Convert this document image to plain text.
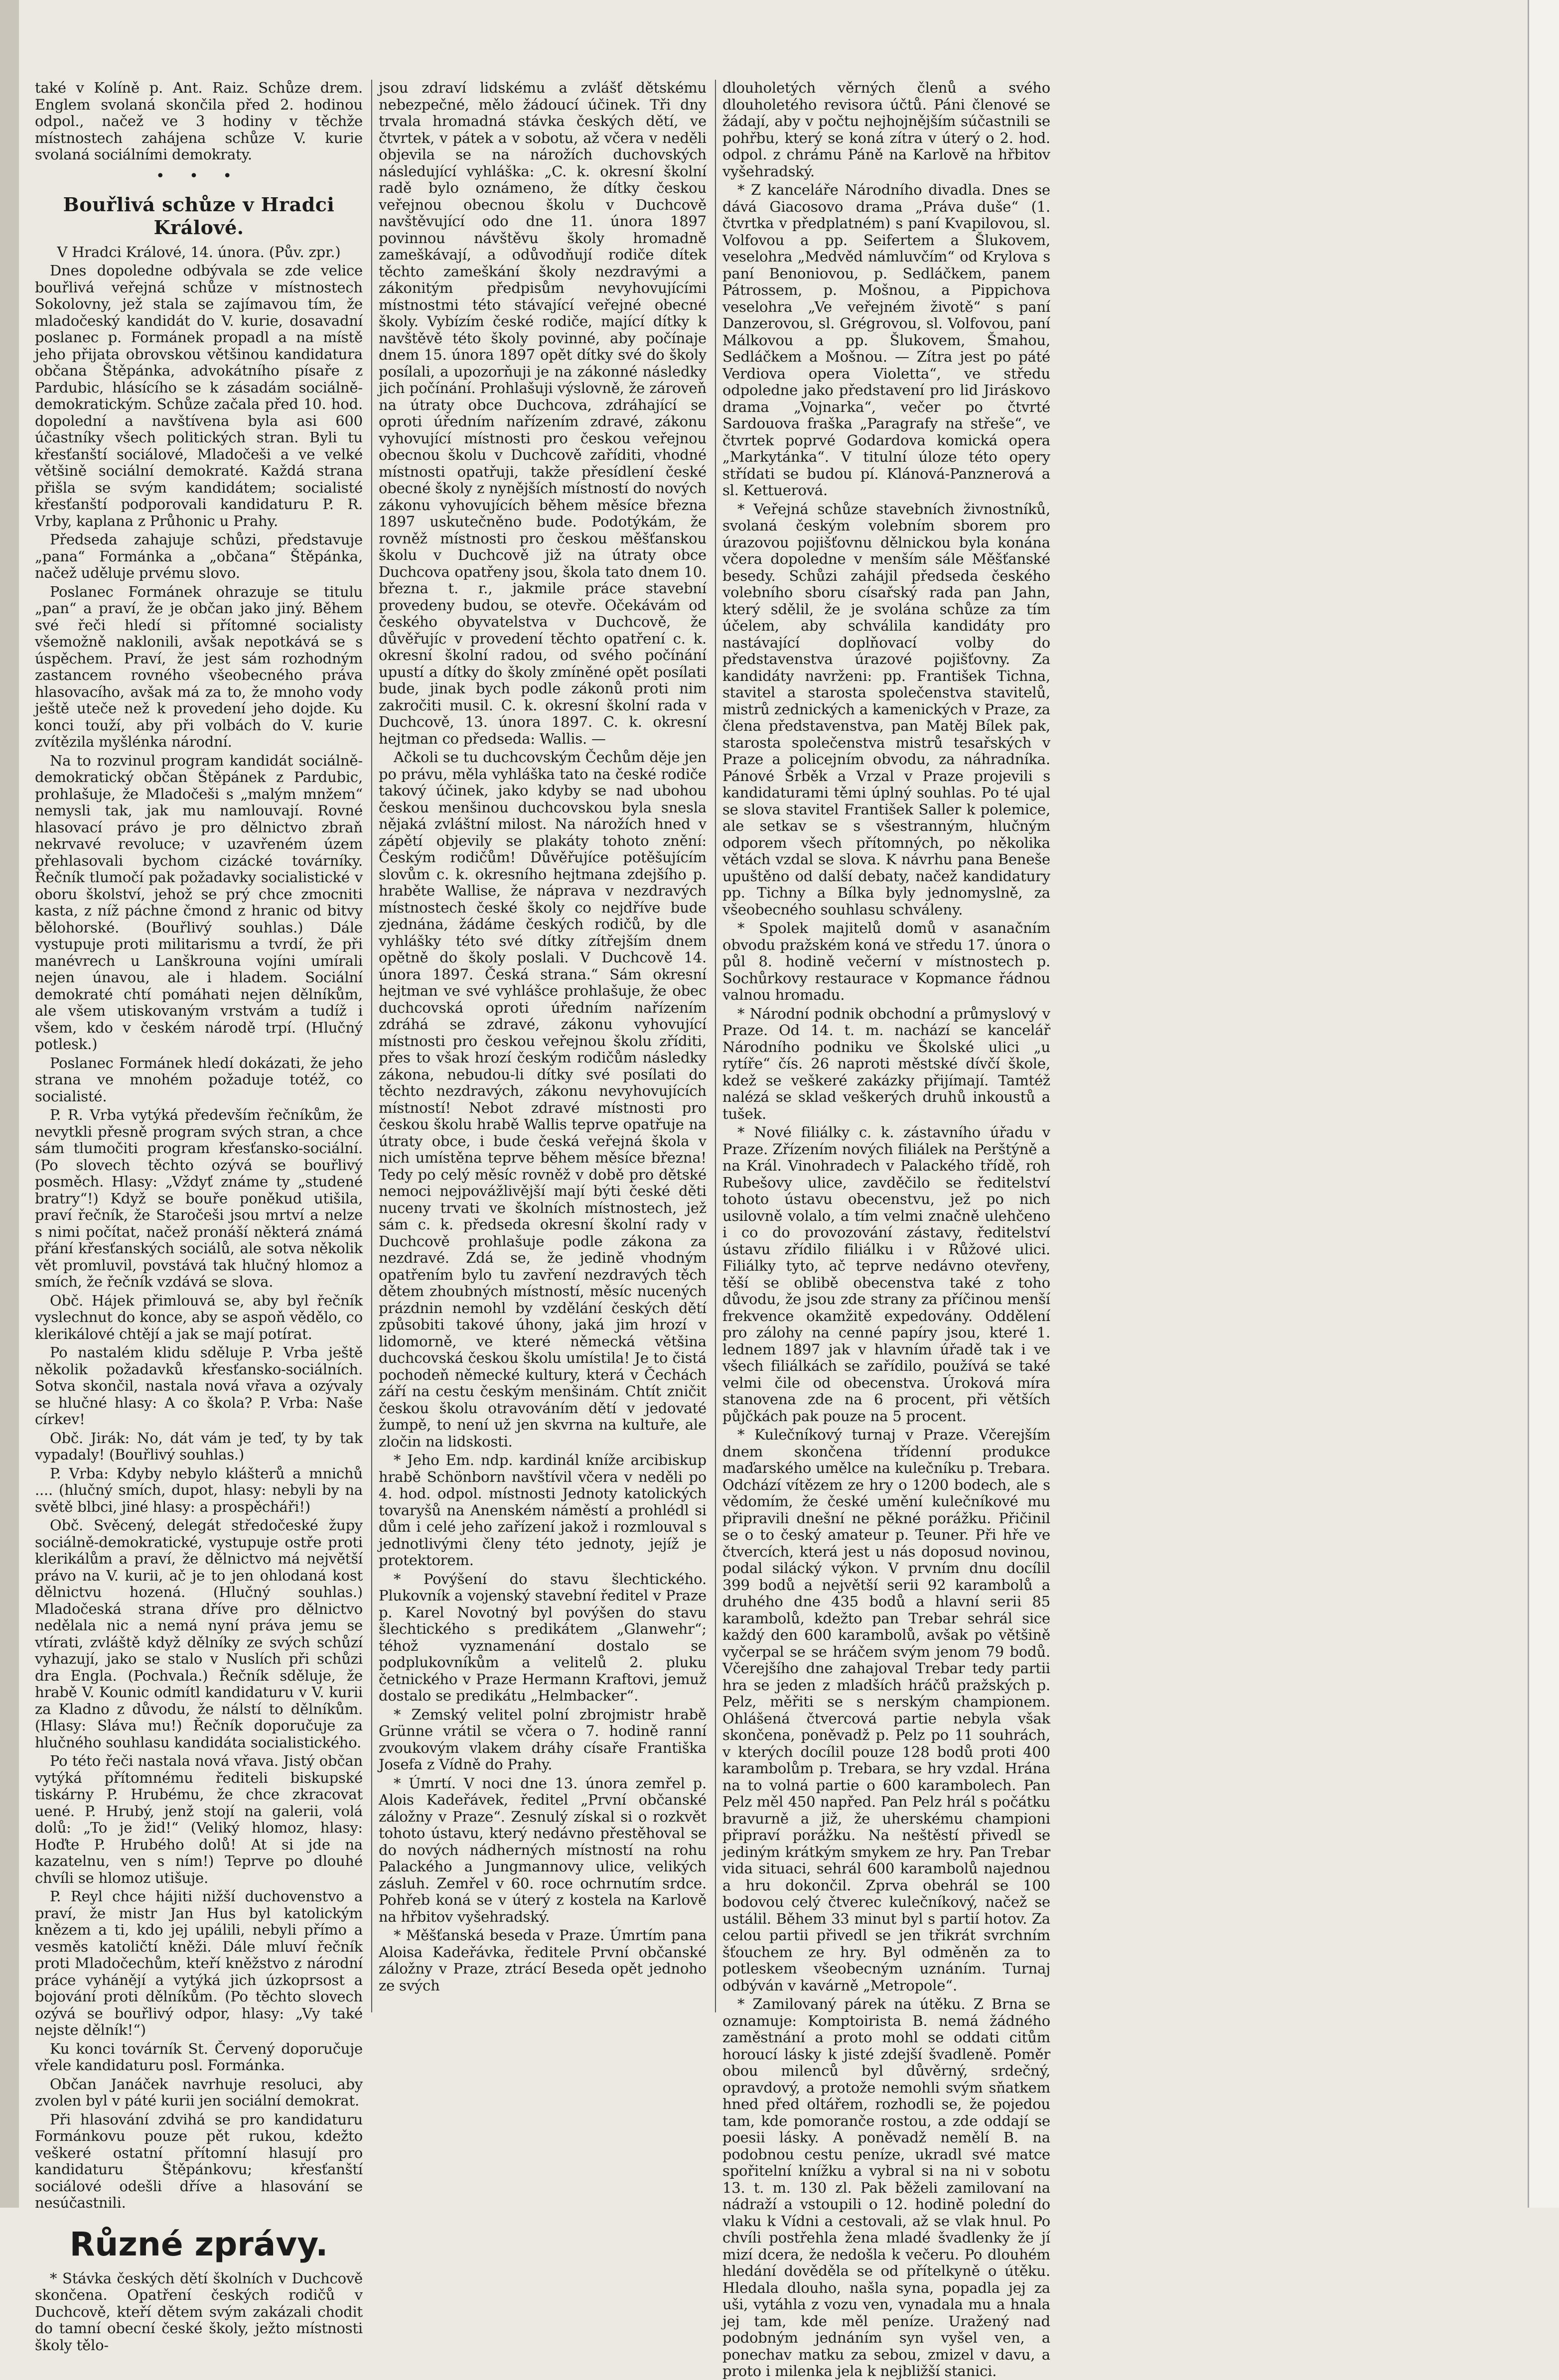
také v Kolíně p. Ant. Raiz. Schůze drem. Englem svolaná skončila před 2. hodinou odpol., načež ve 3 hodiny v těchže místnostech zahájena schůze V. kurie svolaná sociálními demokraty.

• • •
Bouřlivá schůze v Hradci Králové.

V Hradci Králové, 14. února. (Pův. zpr.)

Dnes dopoledne odbývala se zde velice bouřlivá veřejná schůze v místnostech Sokolovny, jež stala se zajímavou tím, že mladočeský kandidát do V. kurie, dosavadní poslanec p. Formánek propadl a na místě jeho přijata obrovskou většinou kandidatura občana Štěpánka, advokátního písaře z Pardubic, hlásícího se k zásadám sociálně-demokratickým. Schůze začala před 10. hod. dopolední a navštívena byla asi 600 účastníky všech politických stran. Byli tu křesťanští sociálové, Mladočeši a ve velké většině sociální demokraté. Každá strana přišla se svým kandidátem; socialisté křesťanští podporovali kandidaturu P. R. Vrby, kaplana z Průhonic u Prahy.

Předseda zahajuje schůzi, představuje „pana“ Formánka a „občana“ Štěpánka, načež uděluje prvému slovo.

Poslanec Formánek ohrazuje se titulu „pan“ a praví, že je občan jako jiný. Během své řeči hledí si přítomné socialisty všemožně naklonili, avšak nepotkává se s úspěchem. Praví, že jest sám rozhodným zastancem rovného všeobecného práva hlasovacího, avšak má za to, že mnoho vody ještě uteče než k provedení jeho dojde. Ku konci touží, aby při volbách do V. kurie zvítězila myšlénka národní.

Na to rozvinul program kandidát sociálně-demokratický občan Štěpánek z Pardubic, prohlašuje, že Mladočeši s „malým mnžem“ nemysli tak, jak mu namlouvají. Rovné hlasovací právo je pro dělnictvo zbraň nekrvavé revoluce; v uzavřeném územ přehlasovali bychom cizácké továrníky. Řečník tlumočí pak požadavky socialistické v oboru školství, jehož se prý chce zmocniti kasta, z níž páchne čmond z hranic od bitvy bělohorské. (Bouřlivý souhlas.) Dále vystupuje proti militarismu a tvrdí, že při manévrech u Lanškrouna vojíni umírali nejen únavou, ale i hladem. Sociální demokraté chtí pomáhati nejen dělníkům, ale všem utiskovaným vrstvám a tudíž i všem, kdo v českém národě trpí. (Hlučný potlesk.)

Poslanec Formánek hledí dokázati, že jeho strana ve mnohém požaduje totéž, co socialisté.

P. R. Vrba vytýká především řečníkům, že nevytkli přesně program svých stran, a chce sám tlumočiti program křesťansko-sociální. (Po slovech těchto ozývá se bouřlivý posměch. Hlasy: „Vždyť známe ty „studené bratry“!) Když se bouře poněkud utišila, praví řečník, že Staročeši jsou mrtví a nelze s nimi počítat, načež pronáší některá známá přání křesťanských sociálů, ale sotva několik vět promluvil, povstává tak hlučný hlomoz a smích, že řečník vzdává se slova.

Obč. Hájek přimlouvá se, aby byl řečník vyslechnut do konce, aby se aspoň vědělo, co klerikálové chtějí a jak se mají potírat.

Po nastalém klidu sděluje P. Vrba ještě několik požadavků křesťansko-sociálních. Sotva skončil, nastala nová vřava a ozývaly se hlučné hlasy: A co škola? P. Vrba: Naše církev!

Obč. Jirák: No, dát vám je teď, ty by tak vypadaly! (Bouřlivý souhlas.)

P. Vrba: Kdyby nebylo klášterů a mnichů .... (hlučný smích, dupot, hlasy: nebyli by na světě blbci, jiné hlasy: a prospěcháři!)

Obč. Svěcený, delegát středočeské župy sociálně-demokratické, vystupuje ostře proti klerikálům a praví, že dělnictvo má největší právo na V. kurii, ač je to jen ohlodaná kost dělnictvu hozená. (Hlučný souhlas.) Mladočeská strana dříve pro dělnictvo nedělala nic a nemá nyní práva jemu se vtírati, zvláště když dělníky ze svých schůzí vyhazují, jako se stalo v Nuslích při schůzi dra Engla. (Pochvala.) Řečník sděluje, že hrabě V. Kounic odmítl kandidaturu v V. kurii za Kladno z důvodu, že nálstí to dělníkům. (Hlasy: Sláva mu!) Řečník doporučuje za hlučného souhlasu kandidáta socialistického.

Po této řeči nastala nová vřava. Jistý občan vytýká přítomnému řediteli biskupské tiskárny P. Hrubému, že chce zkracovat uené. P. Hrubý, jenž stojí na galerii, volá dolů: „To je žid!“ (Veliký hlomoz, hlasy: Hoďte P. Hrubého dolů! At si jde na kazatelnu, ven s ním!) Teprve po dlouhé chvíli se hlomoz utišuje.

P. Reyl chce hájiti nižší duchovenstvo a praví, že mistr Jan Hus byl katolickým knězem a ti, kdo jej upálili, nebyli přímo a vesměs katoličtí kněži. Dále mluví řečník proti Mladočechům, kteří kněžstvo z národní práce vyhánějí a vytýká jich úzkoprsost a bojování proti dělníkům. (Po těchto slovech ozývá se bouřlivý odpor, hlasy: „Vy také nejste dělník!“)

Ku konci továrník St. Červený doporučuje vřele kandidaturu posl. Formánka.

Občan Janáček navrhuje resoluci, aby zvolen byl v páté kurii jen sociální demokrat.

Při hlasování zdvihá se pro kandidaturu Formánkovu pouze pět rukou, kdežto veškeré ostatní přítomní hlasují pro kandidaturu Štěpánkovu; křesťanští sociálové odešli dříve a hlasování se nesúčastnili.

Různé zprávy.

* Stávka českých dětí školních v Duchcově skončena. Opatření českých rodičů v Duchcově, kteří dětem svým zakázali chodit do tamní obecní české školy, ježto místnosti školy tělo-

jsou zdraví lidskému a zvlášť dětskému nebezpečné, mělo žádoucí účinek. Tři dny trvala hromadná stávka českých dětí, ve čtvrtek, v pátek a v sobotu, až včera v neděli objevila se na nárožích duchovských následující vyhláška: „C. k. okresní školní radě bylo oznámeno, že dítky českou veřejnou obecnou školu v Duchcově navštěvující odo dne 11. února 1897 povinnou návštěvu školy hromadně zameškávají, a odůvodňují rodiče dítek těchto zameškání školy nezdravými a zákonitým předpisům nevyhovujícími místnostmi této stávající veřejné obecné školy. Vybízím české rodiče, mající dítky k navštěvě této školy povinné, aby počínaje dnem 15. února 1897 opět dítky své do školy posílali, a upozorňuji je na zákonné následky jich počínání. Prohlašuji výslovně, že zároveň na útraty obce Duchcova, zdráhající se oproti úředním nařízením zdravé, zákonu vyhovující místnosti pro českou veřejnou obecnou školu v Duchcově zaříditi, vhodné místnosti opatřuji, takže přesídlení české obecné školy z nynějších místností do nových zákonu vyhovujících během měsíce března 1897 uskutečněno bude. Podotýkám, že rovněž místnosti pro českou měšťanskou školu v Duchcově již na útraty obce Duchcova opatřeny jsou, škola tato dnem 10. března t. r., jakmile práce stavební provedeny budou, se otevře. Očekávám od českého obyvatelstva v Duchcově, že důvěřujíc v provedení těchto opatření c. k. okresní školní radou, od svého počínání upustí a dítky do školy zmíněné opět posílati bude, jinak bych podle zákonů proti nim zakročiti musil. C. k. okresní školní rada v Duchcově, 13. února 1897. C. k. okresní hejtman co předseda: Wallis. —

Ačkoli se tu duchcovským Čechům děje jen po právu, měla vyhláška tato na české rodiče takový účinek, jako kdyby se nad ubohou českou menšinou duchcovskou byla snesla nějaká zvláštní milost. Na nárožích hned v zápětí objevily se plakáty tohoto znění: Českým rodičům! Důvěřujíce potěšujícím slovům c. k. okresního hejtmana zdejšího p. hraběte Wallise, že náprava v nezdravých místnostech české školy co nejdříve bude zjednána, žádáme českých rodičů, by dle vyhlášky této své dítky zítřejším dnem opětně do školy poslali. V Duchcově 14. února 1897. Česká strana.“ Sám okresní hejtman ve své vyhlášce prohlašuje, že obec duchcovská oproti úředním nařízením zdráhá se zdravé, zákonu vyhovující místnosti pro českou veřejnou školu zříditi, přes to však hrozí českým rodičům následky zákona, nebudou-li dítky své posílati do těchto nezdravých, zákonu nevyhovujících místností! Nebot zdravé místnosti pro českou školu hrabě Wallis teprve opatřuje na útraty obce, i bude česká veřejná škola v nich umístěna teprve během měsíce března! Tedy po celý měsíc rovněž v době pro dětské nemoci nejpovážlivější mají býti české děti nuceny trvati ve školních místnostech, jež sám c. k. předseda okresní školní rady v Duchcově prohlašuje podle zákona za nezdravé. Zdá se, že jedině vhodným opatřením bylo tu zavření nezdravých těch dětem zhoubných místností, měsíc nucených prázdnin nemohl by vzdělání českých dětí způsobiti takové úhony, jaká jim hrozí v lidomorně, ve které německá většina duchcovská českou školu umístila! Je to čistá pochodeň německé kultury, která v Čechách září na cestu českým menšinám. Chtít zničit českou školu otravováním dětí v jedovaté žumpě, to není už jen skvrna na kultuře, ale zločin na lidskosti.

* Jeho Em. ndp. kardinál kníže arcibiskup hrabě Schönborn navštívil včera v neděli po 4. hod. odpol. místnosti Jednoty katolických tovaryšů na Anenském náměstí a prohlédl si dům i celé jeho zařízení jakož i rozmlouval s jednotlivými členy této jednoty, jejíž je protektorem.

* Povýšení do stavu šlechtického. Plukovník a vojenský stavební ředitel v Praze p. Karel Novotný byl povýšen do stavu šlechtického s predikátem „Glanwehr“; téhož vyznamenání dostalo se podplukovníkům a velitelů 2. pluku četnického v Praze Hermann Kraftovi, jemuž dostalo se predikátu „Helmbacker“.

* Zemský velitel polní zbrojmistr hrabě Grünne vrátil se včera o 7. hodině ranní zvoukovým vlakem dráhy císaře Františka Josefa z Vídně do Prahy.

* Úmrtí. V noci dne 13. února zemřel p. Alois Kadeřávek, ředitel „První občanské záložny v Praze“. Zesnulý získal si o rozkvět tohoto ústavu, který nedávno přestěhoval se do nových nádherných místností na rohu Palackého a Jungmannovy ulice, velikých zásluh. Zemřel v 60. roce ochrnutím srdce. Pohřeb koná se v úterý z kostela na Karlově na hřbitov vyšehradský.

* Měšťanská beseda v Praze. Úmrtím pana Aloisa Kadeřávka, ředitele První občanské záložny v Praze, ztrácí Beseda opět jednoho ze svých

dlouholetých věrných členů a svého dlouholetého revisora účtů. Páni členové se žádají, aby v počtu nejhojnějším súčastnili se pohřbu, který se koná zítra v úterý o 2. hod. odpol. z chrámu Páně na Karlově na hřbitov vyšehradský.

* Z kanceláře Národního divadla. Dnes se dává Giacosovo drama „Práva duše“ (1. čtvrtka v předplatném) s paní Kvapilovou, sl. Volfovou a pp. Seifertem a Šlukovem, veselohra „Medvěd námluvčím“ od Krylova s paní Benoniovou, p. Sedláčkem, panem Pátrossem, p. Mošnou, a Pippichova veselohra „Ve veřejném životě“ s paní Danzerovou, sl. Grégrovou, sl. Volfovou, paní Málkovou a pp. Šlukovem, Šmahou, Sedláčkem a Mošnou. — Zítra jest po páté Verdiova opera Violetta“, ve středu odpoledne jako představení pro lid Jiráskovo drama „Vojnarka“, večer po čtvrté Sardouova fraška „Paragrafy na střeše“, ve čtvrtek poprvé Godardova komická opera „Markytánka“. V titulní úloze této opery střídati se budou pí. Klánová-Panznerová a sl. Kettuerová.

* Veřejná schůze stavebních živnostníků, svolaná českým volebním sborem pro úrazovou pojišťovnu dělnickou byla konána včera dopoledne v menším sále Měšťanské besedy. Schůzi zahájil předseda českého volebního sboru císařský rada pan Jahn, který sdělil, že je svolána schůze za tím účelem, aby schválila kandidáty pro nastávající doplňovací volby do představenstva úrazové pojišťovny. Za kandidáty navrženi: pp. František Tichna, stavitel a starosta společenstva stavitelů, mistrů zednických a kamenických v Praze, za člena představenstva, pan Matěj Bílek pak, starosta společenstva mistrů tesařských v Praze a policejním obvodu, za náhradníka. Pánové Šrběk a Vrzal v Praze projevili s kandidaturami těmi úplný souhlas. Po té ujal se slova stavitel František Saller k polemice, ale setkav se s všestranným, hlučným odporem všech přítomných, po několika větách vzdal se slova. K návrhu pana Beneše upuštěno od další debaty, načež kandidatury pp. Tichny a Bílka byly jednomyslně, za všeobecného souhlasu schváleny.

* Spolek majitelů domů v asanačním obvodu pražském koná ve středu 17. února o půl 8. hodině večerní v místnostech p. Sochůrkovy restaurace v Kopmance řádnou valnou hromadu.

* Národní podnik obchodní a průmyslový v Praze. Od 14. t. m. nachází se kancelář Národního podniku ve Školské ulici „u rytíře“ čís. 26 naproti městské dívčí škole, kdež se veškeré zakázky přijímají. Tamtéž nalézá se sklad veškerých druhů inkoustů a tušek.

* Nové filiálky c. k. zástavního úřadu v Praze. Zřízením nových filiálek na Perštýně a na Král. Vinohradech v Palackého třídě, roh Rubešovy ulice, zavděčilo se ředitelství tohoto ústavu obecenstvu, jež po nich usilovně volalo, a tím velmi značně ulehčeno i co do provozování zástavy, ředitelství ústavu zřídilo filiálku i v Růžové ulici. Filiálky tyto, ač teprve nedávno otevřeny, těší se oblibě obecenstva také z toho důvodu, že jsou zde strany za příčinou menší frekvence okamžitě expedovány. Oddělení pro zálohy na cenné papíry jsou, které 1. lednem 1897 jak v hlavním úřadě tak i ve všech filiálkách se zařídilo, používá se také velmi čile od obecenstva. Úroková míra stanovena zde na 6 procent, při větších půjčkách pak pouze na 5 procent.

* Kulečníkový turnaj v Praze. Včerejším dnem skončena třídenní produkce maďarského umělce na kulečníku p. Trebara. Odchází vítězem ze hry o 1200 bodech, ale s vědomím, že české umění kulečníkové mu připravili dnešní ne pěkné porážku. Přičinil se o to český amateur p. Teuner. Při hře ve čtvercích, která jest u nás doposud novinou, podal silácký výkon. V prvním dnu docílil 399 bodů a největší serii 92 karambolů a druhého dne 435 bodů a hlavní serii 85 karambolů, kdežto pan Trebar sehrál sice každý den 600 karambolů, avšak po většině vyčerpal se se hráčem svým jenom 79 bodů. Včerejšího dne zahajoval Trebar tedy partii hra se jeden z mladších hráčů pražských p. Pelz, měřiti se s nerským championem. Ohlášená čtvercová partie nebyla však skončena, poněvadž p. Pelz po 11 souhrách, v kterých docílil pouze 128 bodů proti 400 karambolům p. Trebara, se hry vzdal. Hrána na to volná partie o 600 karambolech. Pan Pelz měl 450 napřed. Pan Pelz hrál s počátku bravurně a již, že uherskému championi připraví porážku. Na neštěstí přivedl se jediným krátkým smykem ze hry. Pan Trebar vida situaci, sehrál 600 karambolů najednou a hru dokončil. Zprva obehrál se 100 bodovou celý čtverec kulečníkový, načež se ustálil. Během 33 minut byl s partií hotov. Za celou partii přivedl se jen třikrát svrchním šťouchem ze hry. Byl odměněn za to potleskem všeobecným uznáním. Turnaj odbýván v kavárně „Metropole“.

* Zamilovaný párek na útěku. Z Brna se oznamuje: Komptoirista B. nemá žádného zaměstnání a proto mohl se oddati citům horoucí lásky k jisté zdejší švadleně. Poměr obou milenců byl důvěrný, srdečný, opravdový, a protože nemohli svým sňatkem hned před oltářem, rozhodli se, že pojedou tam, kde pomoranče rostou, a zde oddají se poesii lásky. A poněvadž nemělí B. na podobnou cestu peníze, ukradl své matce spořitelní knížku a vybral si na ni v sobotu 13. t. m. 130 zl. Pak běželi zamilovaní na nádraží a vstoupili o 12. hodině polední do vlaku k Vídni a cestovali, až se vlak hnul. Po chvíli postřehla žena mladé švadlenky že jí mizí dcera, že nedošla k večeru. Po dlouhém hledání dověděla se od přítelkyně o útěku. Hledala dlouho, našla syna, popadla jej za uši, vytáhla z vozu ven, vynadala mu a hnala jej tam, kde měl peníze. Uražený nad podobným jednáním syn vyšel ven, a ponechav matku za sebou, zmizel v davu, a proto i milenka jela k nejbližší stanici.
